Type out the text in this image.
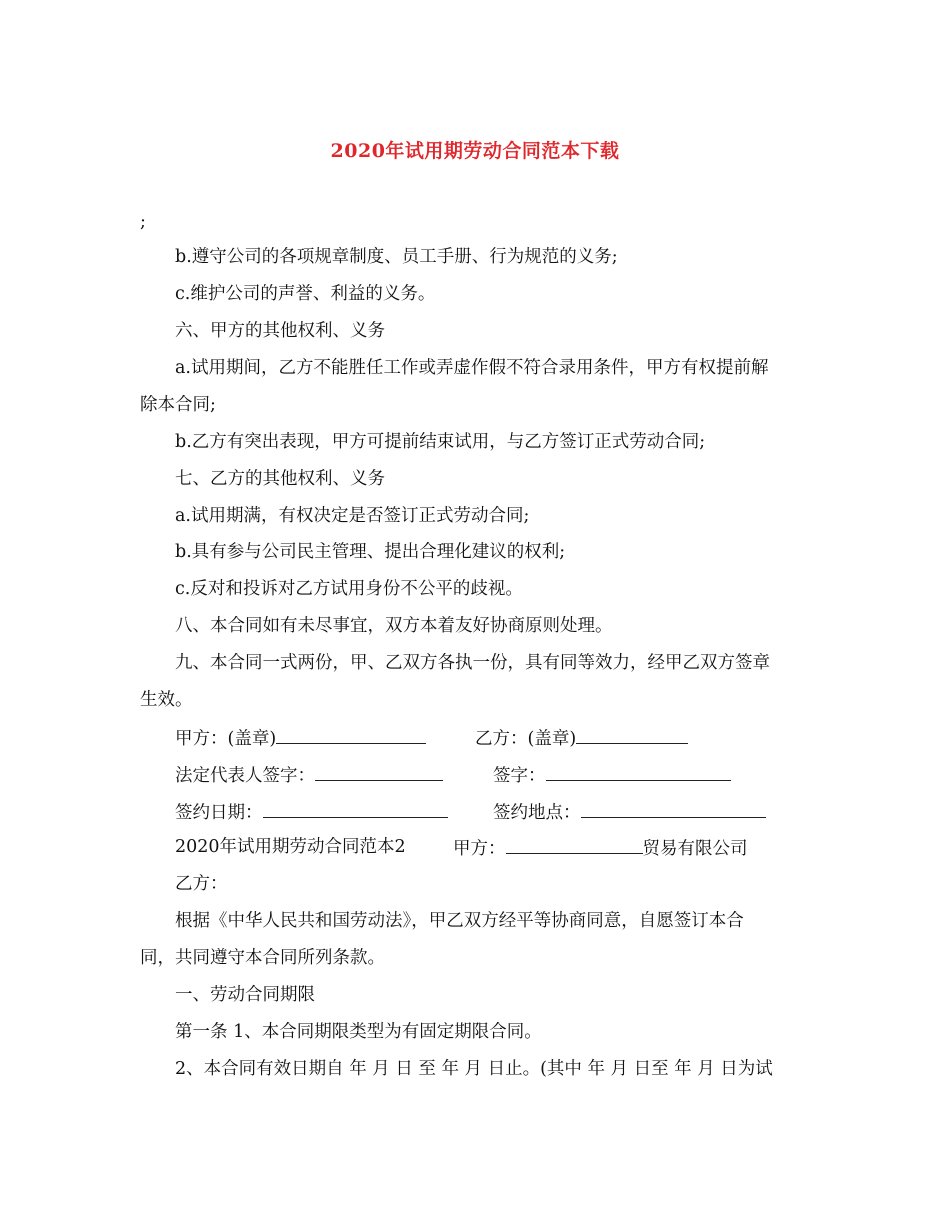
2020年试用期劳动合同范本下载
;
b.遵守公司的各项规章制度、员工手册、行为规范的义务;
c.维护公司的声誉、利益的义务。
六、甲方的其他权利、义务
a.试用期间，乙方不能胜任工作或弄虚作假不符合录用条件，甲方有权提前解
除本合同;
b.乙方有突出表现，甲方可提前结束试用，与乙方签订正式劳动合同;
七、乙方的其他权利、义务
a.试用期满，有权决定是否签订正式劳动合同;
b.具有参与公司民主管理、提出合理化建议的权利;
c.反对和投诉对乙方试用身份不公平的歧视。
八、本合同如有未尽事宜，双方本着友好协商原则处理。
九、本合同一式两份，甲、乙双方各执一份，具有同等效力，经甲乙双方签章
生效。
甲方：(盖章)	乙方：(盖章)
法定代表人签字：	签字：
签约日期：	签约地点：
2020年试用期劳动合同范本2	甲方：	贸易有限公司
乙方：
根据《中华人民共和国劳动法》，甲乙双方经平等协商同意，自愿签订本合
同，共同遵守本合同所列条款。
一、劳动合同期限
第一条 1、本合同期限类型为有固定期限合同。
2、本合同有效日期自 年 月 日 至 年 月 日止。(其中 年 月 日至 年 月 日为试
